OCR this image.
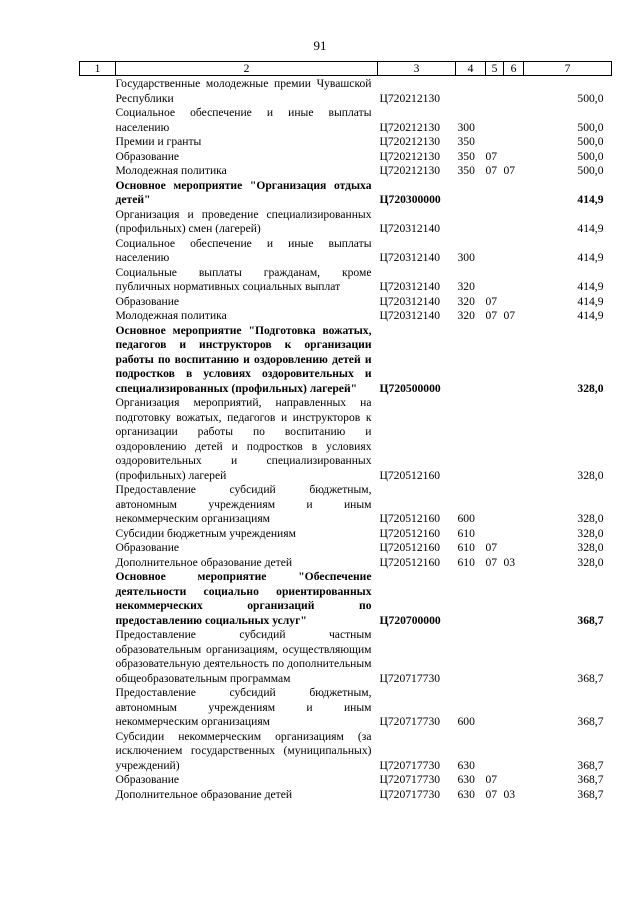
91
1	2	3	4	5	6	7
	Государственные молодежные премии Чувашской Республики	Ц720212130				500,0
	Социальное обеспечение и иные выплаты населению	Ц720212130	300			500,0
	Премии и гранты	Ц720212130	350			500,0
	Образование	Ц720212130	350	07		500,0
	Молодежная политика	Ц720212130	350	07	07	500,0
	Основное мероприятие "Организация отдыха детей"	Ц720300000				414,9
	Организация и проведение специализированных (профильных) смен (лагерей)	Ц720312140				414,9
	Социальное обеспечение и иные выплаты населению	Ц720312140	300			414,9
	Социальные выплаты гражданам, кроме публичных нормативных социальных выплат	Ц720312140	320			414,9
	Образование	Ц720312140	320	07		414,9
	Молодежная политика	Ц720312140	320	07	07	414,9
	Основное мероприятие "Подготовка вожатых, педагогов и инструкторов к организации работы по воспитанию и оздоровлению детей и подростков в условиях оздоровительных и специализированных (профильных) лагерей"	Ц720500000				328,0
	Организация мероприятий, направленных на подготовку вожатых, педагогов и инструкторов к организации работы по воспитанию и оздоровлению детей и подростков в условиях оздоровительных и специализированных (профильных) лагерей	Ц720512160				328,0
	Предоставление субсидий бюджетным, автономным учреждениям и иным некоммерческим организациям	Ц720512160	600			328,0
	Субсидии бюджетным учреждениям	Ц720512160	610			328,0
	Образование	Ц720512160	610	07		328,0
	Дополнительное образование детей	Ц720512160	610	07	03	328,0
	Основное мероприятие "Обеспечение деятельности социально ориентированных некоммерческих организаций по предоставлению социальных услуг"	Ц720700000				368,7
	Предоставление субсидий частным образовательным организациям, осуществляющим образовательную деятельность по дополнительным общеобразовательным программам	Ц720717730				368,7
	Предоставление субсидий бюджетным, автономным учреждениям и иным некоммерческим организациям	Ц720717730	600			368,7
	Субсидии некоммерческим организациям (за исключением государственных (муниципальных) учреждений)	Ц720717730	630			368,7
	Образование	Ц720717730	630	07		368,7
	Дополнительное образование детей	Ц720717730	630	07	03	368,7
